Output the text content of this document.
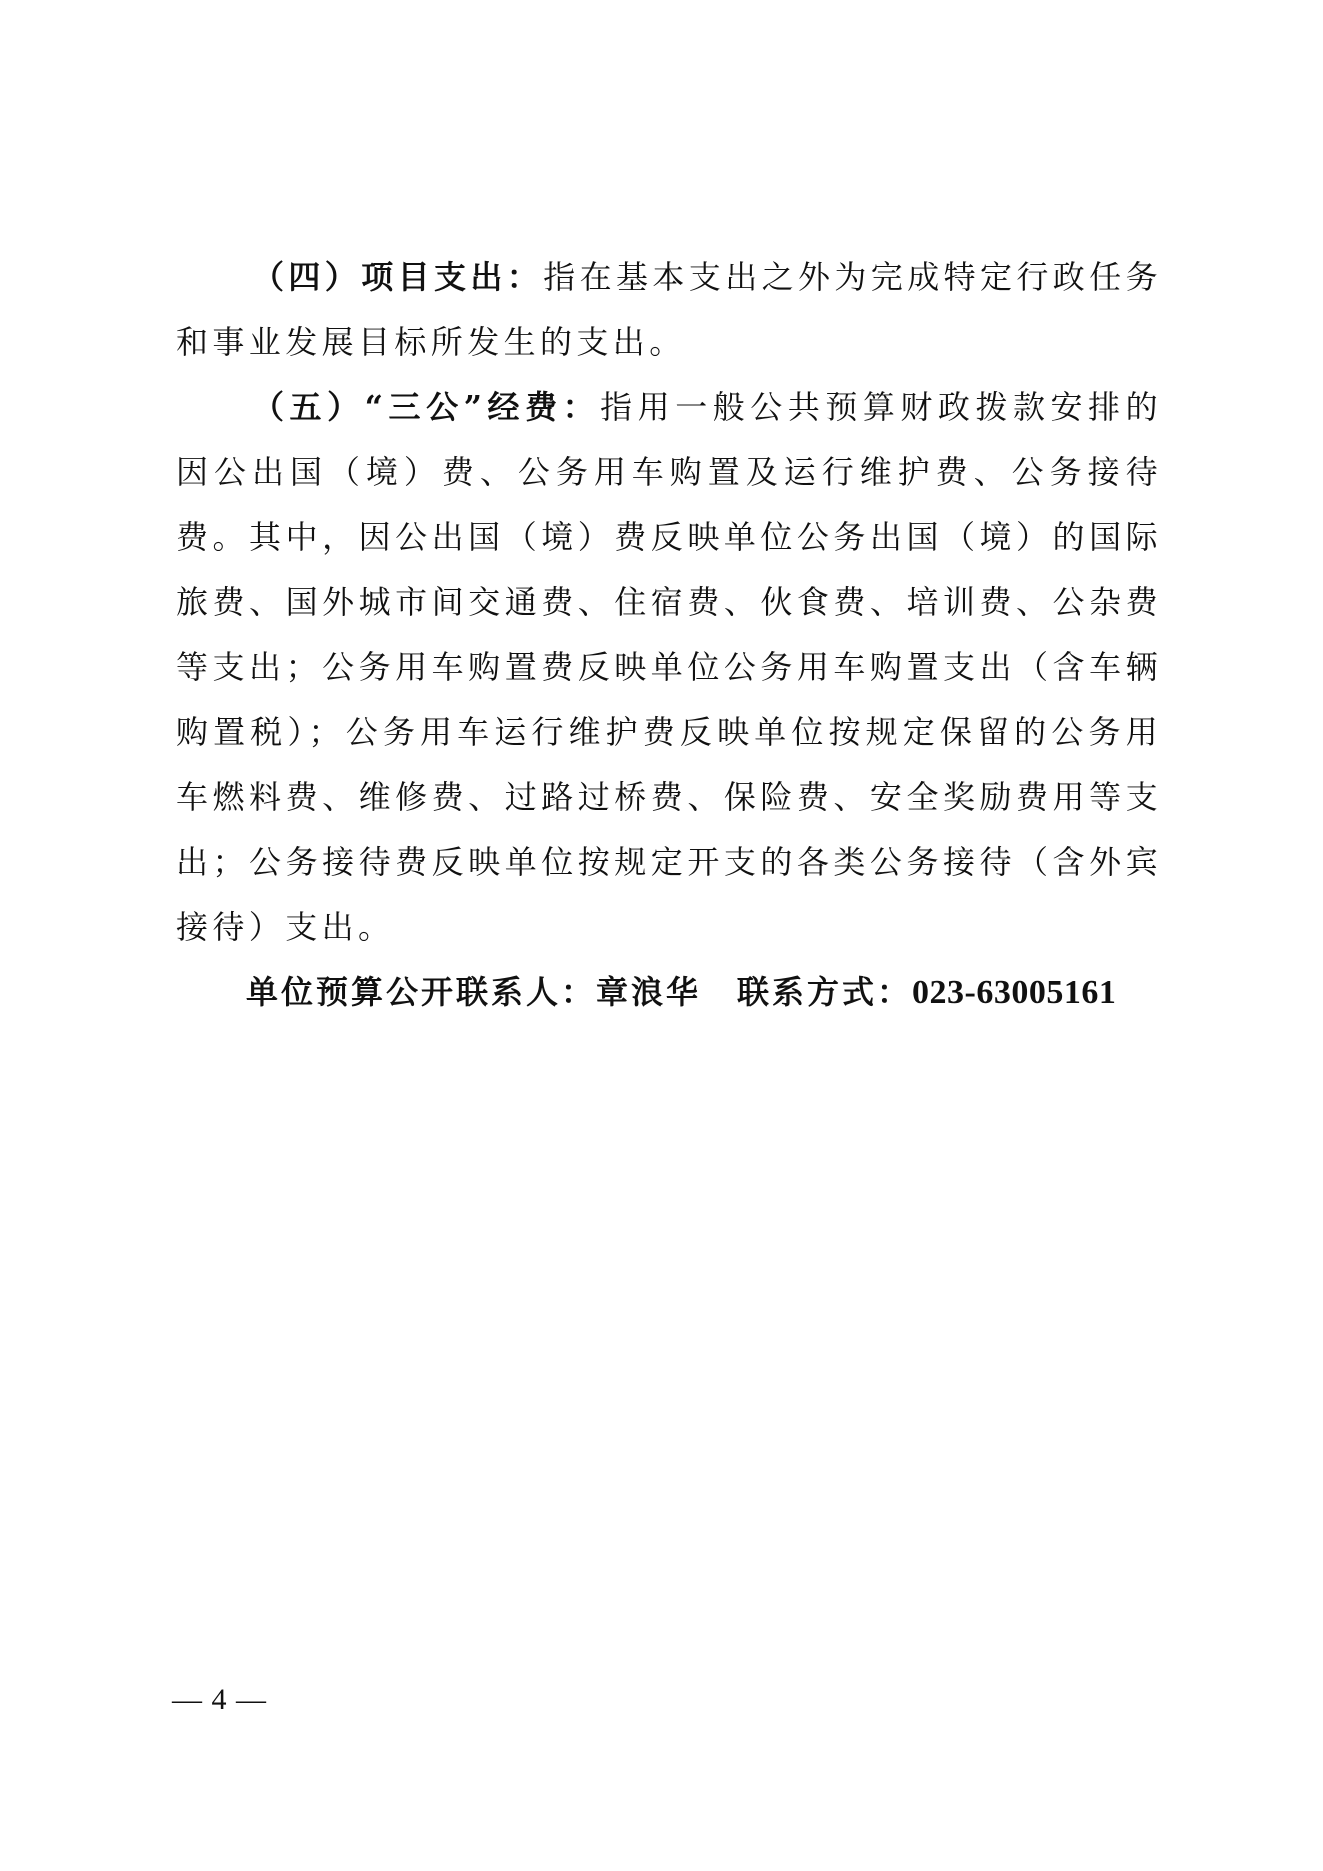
（四）项目支出：指在基本支出之外为完成特定行政任务和事业发展目标所发生的支出。

（五）“三公”经费：指用一般公共预算财政拨款安排的因公出国（境）费、公务用车购置及运行维护费、公务接待费。其中，因公出国（境）费反映单位公务出国（境）的国际旅费、国外城市间交通费、住宿费、伙食费、培训费、公杂费等支出；公务用车购置费反映单位公务用车购置支出（含车辆购置税）；公务用车运行维护费反映单位按规定保留的公务用车燃料费、维修费、过路过桥费、保险费、安全奖励费用等支出；公务接待费反映单位按规定开支的各类公务接待（含外宾接待）支出。

单位预算公开联系人：章浪华 联系方式：023-63005161

— 4 —
